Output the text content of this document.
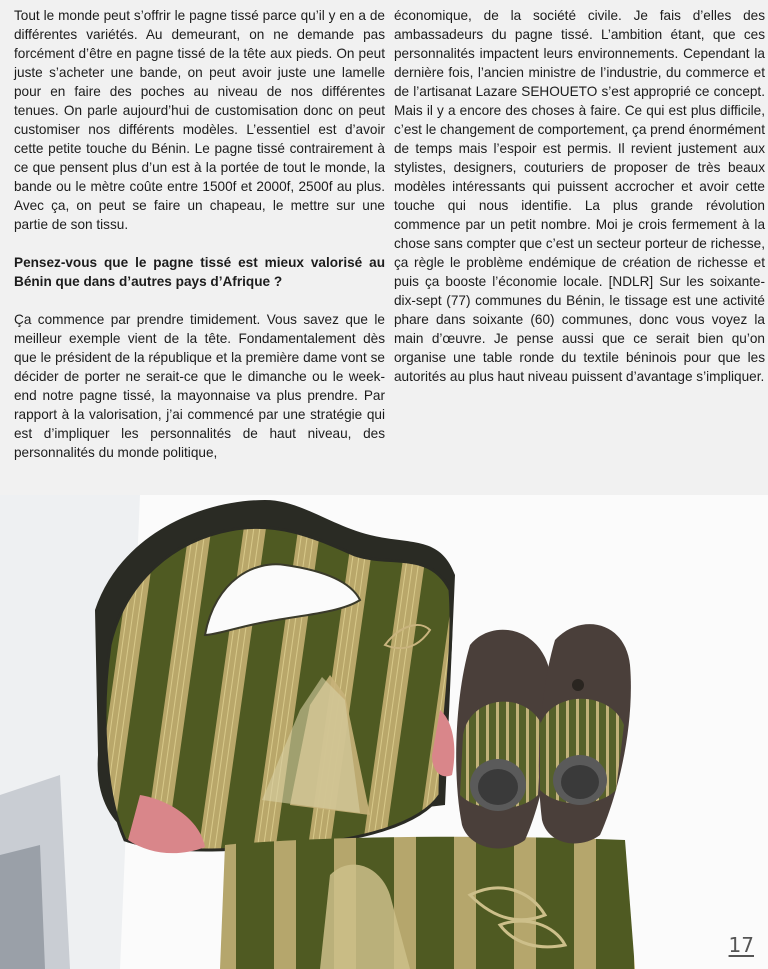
Tout le monde peut s’offrir le pagne tissé parce qu’il y en a de différentes variétés. Au demeurant, on ne demande pas forcément d’être en pagne tissé de la tête aux pieds. On peut juste s’acheter une bande, on peut avoir juste une lamelle pour en faire des poches au niveau de nos différentes tenues. On parle aujourd’hui de customisation donc on peut customiser nos différents modèles. L’essentiel est d’avoir cette petite touche du Bénin. Le pagne tissé contrairement à ce que pensent plus d’un est à la portée de tout le monde, la bande ou le mètre coûte entre 1500f et 2000f, 2500f au plus. Avec ça, on peut se faire un chapeau, le mettre sur une partie de son tissu.

Pensez-vous que le pagne tissé est mieux valorisé au Bénin que dans d’autres pays d’Afrique ?

Ça commence par prendre timidement. Vous savez que le meilleur exemple vient de la tête. Fondamentalement dès que le président de la république et la première dame vont se décider de porter ne serait-ce que le dimanche ou le week-end notre pagne tissé, la mayonnaise va plus prendre. Par rapport à la valorisation, j’ai commencé par une stratégie qui est d’impliquer les personnalités de haut niveau, des personnalités du monde politique,

économique, de la société civile. Je fais d’elles des ambassadeurs du pagne tissé. L’ambition étant, que ces personnalités impactent leurs environnements. Cependant la dernière fois, l’ancien ministre de l’industrie, du commerce et de l’artisanat Lazare SEHOUETO s’est approprié ce concept. Mais il y a encore des choses à faire. Ce qui est plus difficile, c’est le changement de comportement, ça prend énormément de temps mais l’espoir est permis. Il revient justement aux stylistes, designers, couturiers de proposer de très beaux modèles intéressants qui puissent accrocher et avoir cette touche qui nous identifie. La plus grande révolution commence par un petit nombre. Moi je crois fermement à la chose sans compter que c’est un secteur porteur de richesse, ça règle le problème endémique de création de richesse et puis ça booste l’économie locale. [NDLR] Sur les soixante-dix-sept (77) communes du Bénin, le tissage est une activité phare dans soixante (60) communes, donc vous voyez la main d’œuvre. Je pense aussi que ce serait bien qu’on organise une table ronde du textile béninois pour que les autorités au plus haut niveau puissent d’avantage s’impliquer.

17
